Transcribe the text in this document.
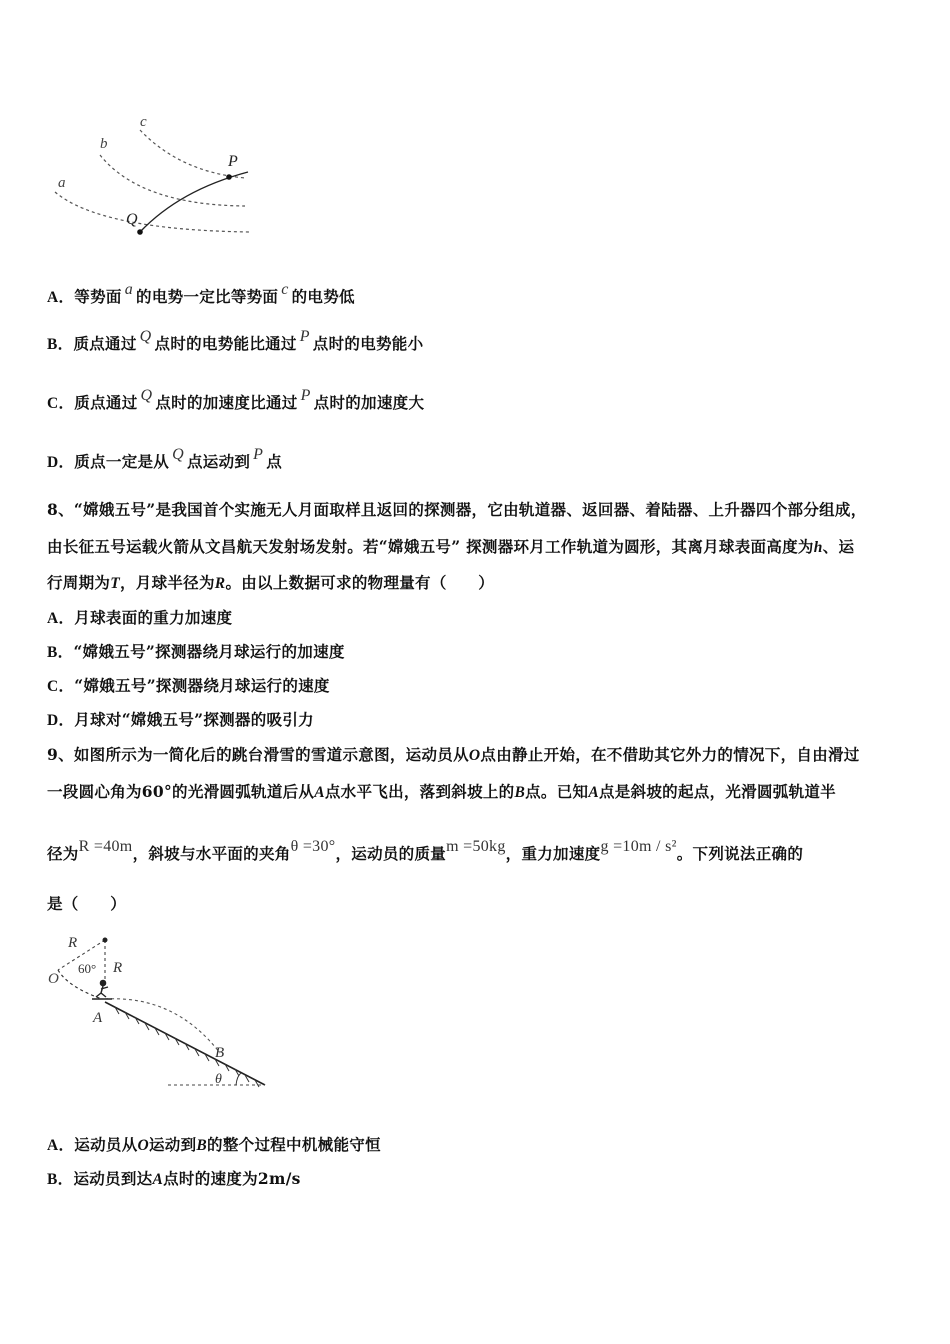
a
b
c
P
Q
A．等势面 a 的电势一定比等势面 c 的电势低
B．质点通过 Q 点时的电势能比通过 P 点时的电势能小
C．质点通过 Q 点时的加速度比通过 P 点时的加速度大
D．质点一定是从 Q 点运动到 P 点
8、“嫦娥五号”是我国首个实施无人月面取样且返回的探测器，它由轨道器、返回器、着陆器、上升器四个部分组成，
由长征五号运载火箭从文昌航天发射场发射。若“嫦娥五号” 探测器环月工作轨道为圆形，其离月球表面高度为h、运
行周期为T，月球半径为R。由以上数据可求的物理量有（　　）
A．月球表面的重力加速度
B．“嫦娥五号”探测器绕月球运行的加速度
C．“嫦娥五号”探测器绕月球运行的速度
D．月球对“嫦娥五号”探测器的吸引力
9、如图所示为一简化后的跳台滑雪的雪道示意图，运动员从O点由静止开始，在不借助其它外力的情况下，自由滑过
一段圆心角为60°的光滑圆弧轨道后从A点水平飞出，落到斜坡上的B点。已知A点是斜坡的起点，光滑圆弧轨道半
径为R =40m，斜坡与水平面的夹角θ =30°，运动员的质量m =50kg，重力加速度g =10m / s²。下列说法正确的
是（　　）
R
R
60°
O
A
B
θ
A．运动员从O运动到B的整个过程中机械能守恒
B．运动员到达A点时的速度为2m/s
